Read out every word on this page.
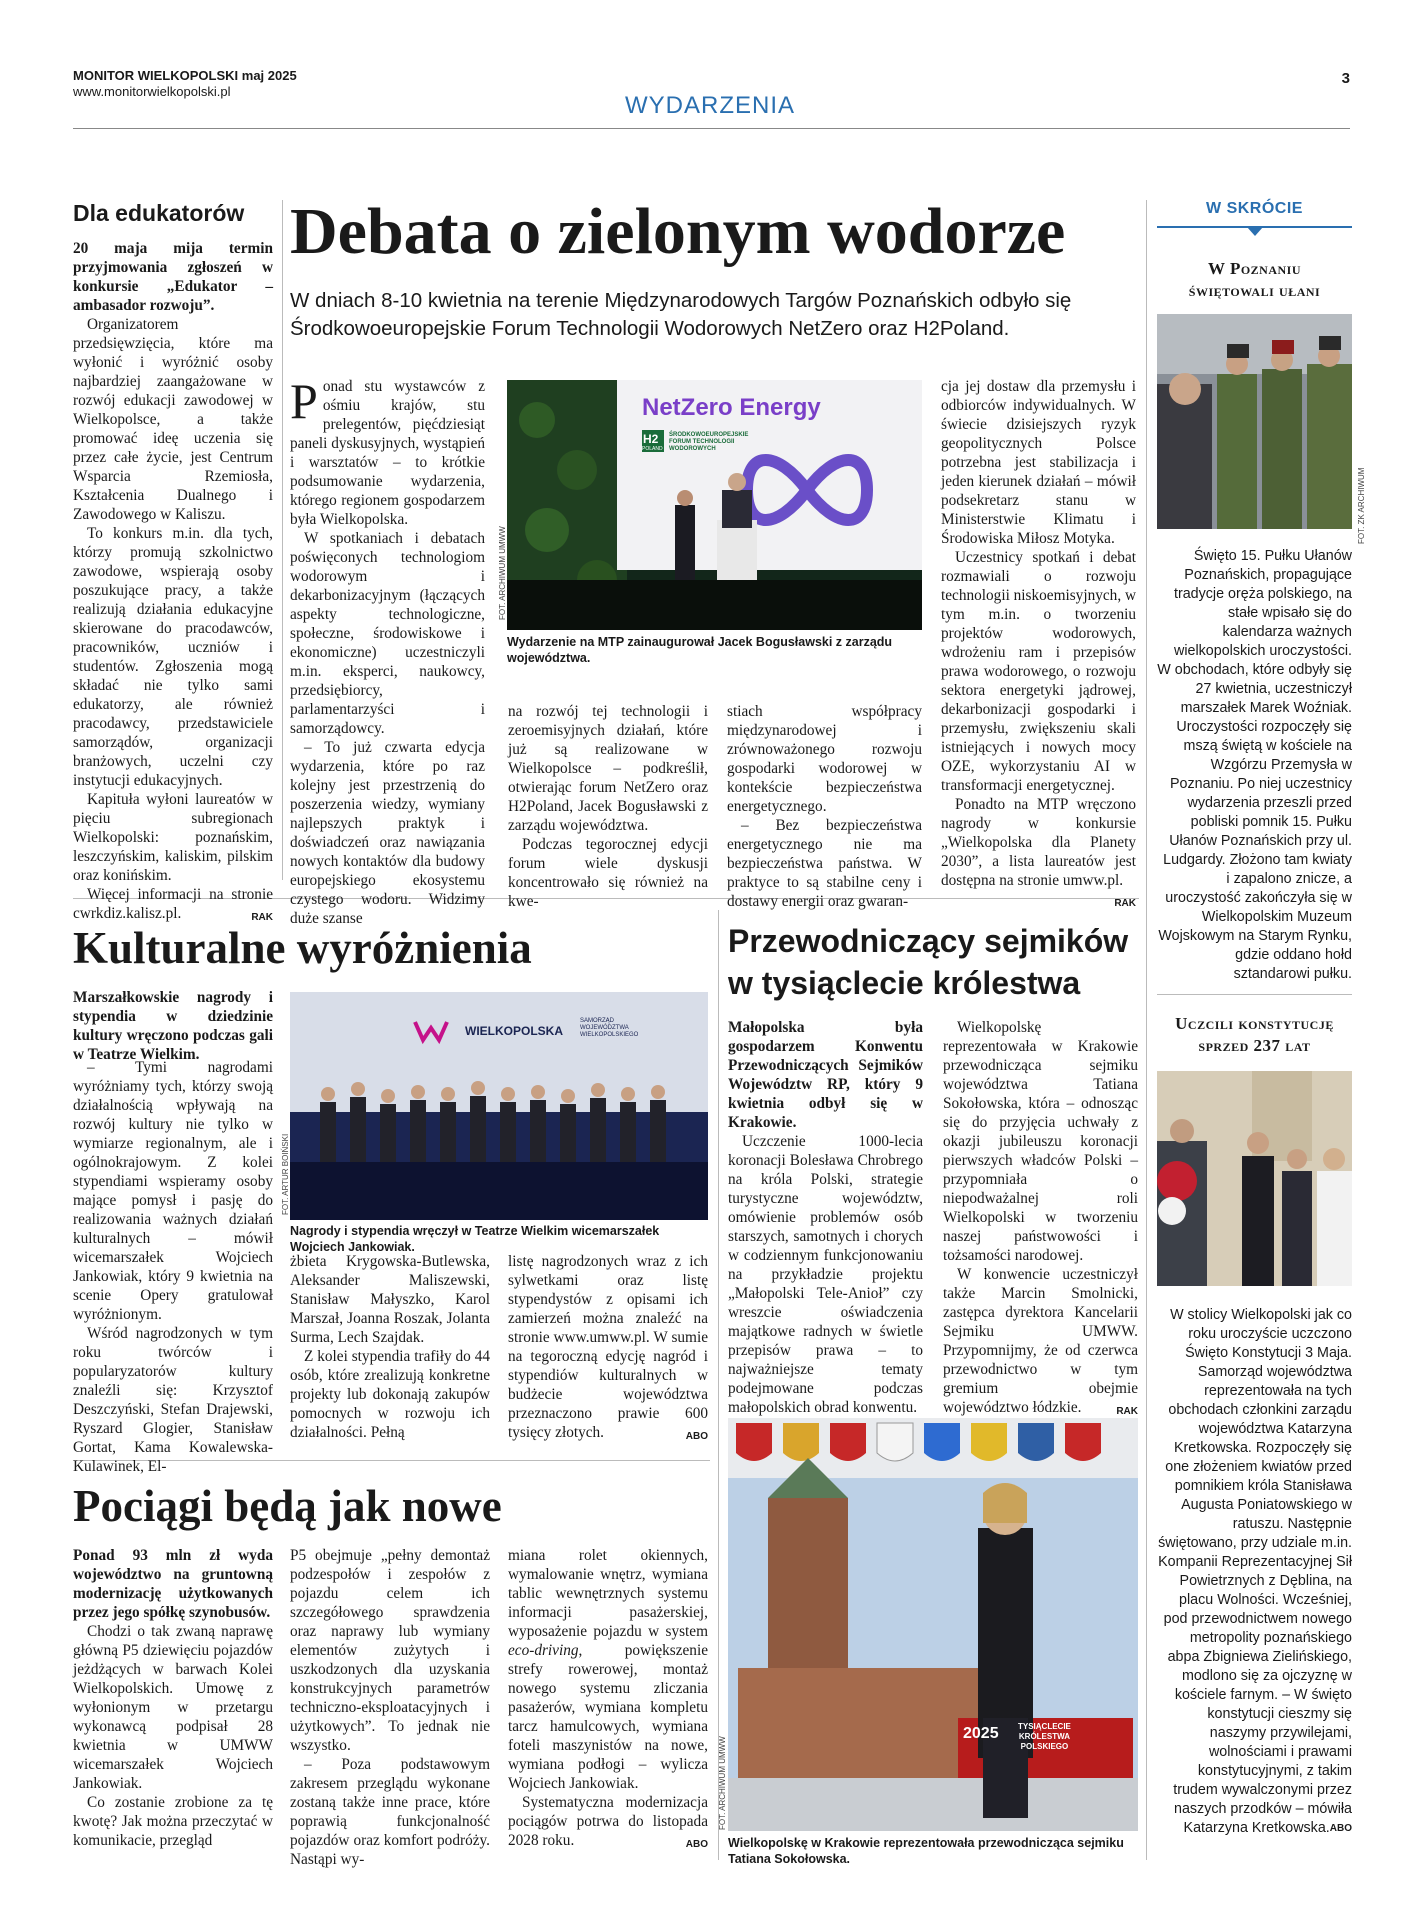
MONITOR WIELKOPOLSKI maj 2025
www.monitorwielkopolski.pl
WYDARZENIA
3
Dla edukatorów

20 maja mija termin przyjmowania zgłoszeń w konkursie „Edukator – ambasador rozwoju”.

Organizatorem przedsięwzięcia, które ma wyłonić i wyróżnić osoby najbardziej zaangażowane w rozwój edukacji zawodowej w Wielkopolsce, a także promować ideę uczenia się przez całe życie, jest Centrum Wsparcia Rzemiosła, Kształcenia Dualnego i Zawodowego w Kaliszu.

To konkurs m.in. dla tych, którzy promują szkolnictwo zawodowe, wspierają osoby poszukujące pracy, a także realizują działania edukacyjne skierowane do pracodawców, pracowników, uczniów i studentów. Zgłoszenia mogą składać nie tylko sami edukatorzy, ale również pracodawcy, przedstawiciele samorządów, organizacji branżowych, uczelni czy instytucji edukacyjnych.

Kapituła wyłoni laureatów w pięciu subregionach Wielkopolski: poznańskim, leszczyńskim, kaliskim, pilskim oraz konińskim.

Więcej informacji na stronie cwrkdiz.kalisz.pl.	RAK

Debata o zielonym wodorze
W dniach 8-10 kwietnia na terenie Międzynarodowych Targów Poznańskich odbyło się Środkowoeuropejskie Forum Technologii Wodorowych NetZero oraz H2Poland.

Ponad stu wystawców z ośmiu krajów, stu prelegentów, pięćdziesiąt paneli dyskusyjnych, wystąpień i warsztatów – to krótkie podsumowanie wydarzenia, którego regionem gospodarzem była Wielkopolska.

W spotkaniach i debatach poświęconych technologiom wodorowym i dekarbonizacyjnym (łączących aspekty technologiczne, społeczne, środowiskowe i ekonomiczne) uczestniczyli m.in. eksperci, naukowcy, przedsiębiorcy, parlamentarzyści i samorządowcy.

– To już czwarta edycja wydarzenia, które po raz kolejny jest przestrzenią do poszerzenia wiedzy, wymiany najlepszych praktyk i doświadczeń oraz nawiązania nowych kontaktów dla budowy europejskiego ekosystemu czystego wodoru. Widzimy duże szanse

NetZero Energy
H2
POLAND
ŚRODKOWOEUROPEJSKIE FORUM TECHNOLOGII WODOROWYCH
FOT. ARCHIWUM UMWW
Wydarzenie na MTP zainaugurował Jacek Bogusławski z zarządu województwa.

na rozwój tej technologii i zeroemisyjnych działań, które już są realizowane w Wielkopolsce – podkreślił, otwierając forum NetZero oraz H2Poland, Jacek Bogusławski z zarządu województwa.

Podczas tegorocznej edycji forum wiele dyskusji koncentrowało się również na kwe-

stiach współpracy międzynarodowej i zrównoważonego rozwoju gospodarki wodorowej w kontekście bezpieczeństwa energetycznego.

– Bez bezpieczeństwa energetycznego nie ma bezpieczeństwa państwa. W praktyce to są stabilne ceny i dostawy energii oraz gwaran-

cja jej dostaw dla przemysłu i odbiorców indywidualnych. W świecie dzisiejszych ryzyk geopolitycznych Polsce potrzebna jest stabilizacja i jeden kierunek działań – mówił podsekretarz stanu w Ministerstwie Klimatu i Środowiska Miłosz Motyka.

Uczestnicy spotkań i debat rozmawiali o rozwoju technologii niskoemisyjnych, w tym m.in. o tworzeniu projektów wodorowych, wdrożeniu ram i przepisów prawa wodorowego, o rozwoju sektora energetyki jądrowej, dekarbonizacji gospodarki i przemysłu, zwiększeniu skali istniejących i nowych mocy OZE, wykorzystaniu AI w transformacji energetycznej.

Ponadto na MTP wręczono nagrody w konkursie „Wielkopolska dla Planety 2030”, a lista laureatów jest dostępna na stronie umww.pl.
RAK

W SKRÓCIE
W Poznaniu
świętowali ułani
FOT. ZK ARCHIWUM
Święto 15. Pułku Ułanów Poznańskich, propagujące tradycje oręża polskiego, na stałe wpisało się do kalendarza ważnych wielkopolskich uroczystości. W obchodach, które odbyły się 27 kwietnia, uczestniczył marszałek Marek Woźniak. Uroczystości rozpoczęły się mszą świętą w kościele na Wzgórzu Przemysła w Poznaniu. Po niej uczestnicy wydarzenia przeszli przed pobliski pomnik 15. Pułku Ułanów Poznańskich przy ul. Ludgardy. Złożono tam kwiaty i zapalono znicze, a uroczystość zakończyła się w Wielkopolskim Muzeum Wojskowym na Starym Rynku, gdzie oddano hołd sztandarowi pułku.
Uczcili konstytucję
sprzed 237 lat
W stolicy Wielkopolski jak co roku uroczyście uczczono Święto Konstytucji 3 Maja. Samorząd województwa reprezentowała na tych obchodach członkini zarządu województwa Katarzyna Kretkowska. Rozpoczęły się one złożeniem kwiatów przed pomnikiem króla Stanisława Augusta Poniatowskiego w ratuszu. Następnie świętowano, przy udziale m.in. Kompanii Reprezentacyjnej Sił Powietrznych z Dęblina, na placu Wolności. Wcześniej, pod przewodnictwem nowego metropolity poznańskiego abpa Zbigniewa Zielińskiego, modlono się za ojczyznę w kościele farnym. – W święto konstytucji cieszmy się naszymy przywilejami, wolnościami i prawami konstytucyjnymi, z takim trudem wywalczonymi przez naszych przodków – mówiła Katarzyna Kretkowska. ABO
Kulturalne wyróżnienia

Marszałkowskie nagrody i stypendia w dziedzinie kultury wręczono podczas gali w Teatrze Wielkim.

– Tymi nagrodami wyróżniamy tych, którzy swoją działalnością wpływają na rozwój kultury nie tylko w wymiarze regionalnym, ale i ogólnokrajowym. Z kolei stypendiami wspieramy osoby mające pomysł i pasję do realizowania ważnych działań kulturalnych – mówił wicemarszałek Wojciech Jankowiak, który 9 kwietnia na scenie Opery gratulował wyróżnionym.

Wśród nagrodzonych w tym roku twórców i popularyzatorów kultury znaleźli się: Krzysztof Deszczyński, Stefan Drajewski, Ryszard Glogier, Stanisław Gortat, Kama Kowalewska-Kulawinek, El-

WIELKOPOLSKA
SAMORZĄD WOJEWÓDZTWA WIELKOPOLSKIEGO
FOT. ARTUR BOIŃSKI
Nagrody i stypendia wręczył w Teatrze Wielkim wicemarszałek Wojciech Jankowiak.

żbieta Krygowska-Butlewska, Aleksander Maliszewski, Stanisław Małyszko, Karol Marszał, Joanna Roszak, Jolanta Surma, Lech Szajdak.

Z kolei stypendia trafiły do 44 osób, które zrealizują konkretne projekty lub dokonają zakupów pomocnych w rozwoju ich działalności. Pełną

listę nagrodzonych wraz z ich sylwetkami oraz listę stypendystów z opisami ich zamierzeń można znaleźć na stronie www.umww.pl. W sumie na tegoroczną edycję nagród i stypendiów kulturalnych w budżecie województwa przeznaczono prawie 600 tysięcy złotych.	ABO

Przewodniczący sejmików
w tysiąclecie królestwa

Małopolska była gospodarzem Konwentu Przewodniczących Sejmików Województw RP, który 9 kwietnia odbył się w Krakowie.

Uczczenie 1000-lecia koronacji Bolesława Chrobrego na króla Polski, strategie turystyczne województw, omówienie problemów osób starszych, samotnych i chorych w codziennym funkcjonowaniu na przykładzie projektu „Małopolski Tele-Anioł” czy wreszcie oświadczenia majątkowe radnych w świetle przepisów prawa – to najważniejsze tematy podejmowane podczas małopolskich obrad konwentu.

Wielkopolskę reprezentowała w Krakowie przewodnicząca sejmiku województwa Tatiana Sokołowska, która – odnosząc się do przyjęcia uchwały z okazji jubileuszu koronacji pierwszych władców Polski – przypomniała o niepodważalnej roli Wielkopolski w tworzeniu naszej państwowości i tożsamości narodowej.

W konwencie uczestniczył także Marcin Smolnicki, zastępca dyrektora Kancelarii Sejmiku UMWW. Przypomnijmy, że od czerwca przewodnictwo w tym gremium obejmie województwo łódzkie.	RAK

2025 TYSIĄCLECIE
KRÓLESTWA
POLSKIEGO
FOT. ARCHIWUM UMWW
Wielkopolskę w Krakowie reprezentowała przewodnicząca sejmiku Tatiana Sokołowska.
Pociągi będą jak nowe

Ponad 93 mln zł wyda województwo na gruntowną modernizację użytkowanych przez jego spółkę szynobusów.

Chodzi o tak zwaną naprawę główną P5 dziewięciu pojazdów jeżdżących w barwach Kolei Wielkopolskich. Umowę z wyłonionym w przetargu wykonawcą podpisał 28 kwietnia w UMWW wicemarszałek Wojciech Jankowiak.

Co zostanie zrobione za tę kwotę? Jak można przeczytać w komunikacie, przegląd

P5 obejmuje „pełny demontaż podzespołów i zespołów z pojazdu celem ich szczegółowego sprawdzenia oraz naprawy lub wymiany elementów zużytych i uszkodzonych dla uzyskania konstrukcyjnych parametrów techniczno-eksploatacyjnych i użytkowych”. To jednak nie wszystko.

– Poza podstawowym zakresem przeglądu wykonane zostaną także inne prace, które poprawią funkcjonalność pojazdów oraz komfort podróży. Nastąpi wy-

miana rolet okiennych, wymalowanie wnętrz, wymiana tablic wewnętrznych systemu informacji pasażerskiej, wyposażenie pojazdu w system eco-driving, powiększenie strefy rowerowej, montaż nowego systemu zliczania pasażerów, wymiana kompletu tarcz hamulcowych, wymiana foteli maszynistów na nowe, wymiana podłogi – wylicza Wojciech Jankowiak.

Systematyczna modernizacja pociągów potrwa do listopada 2028 roku.	ABO
